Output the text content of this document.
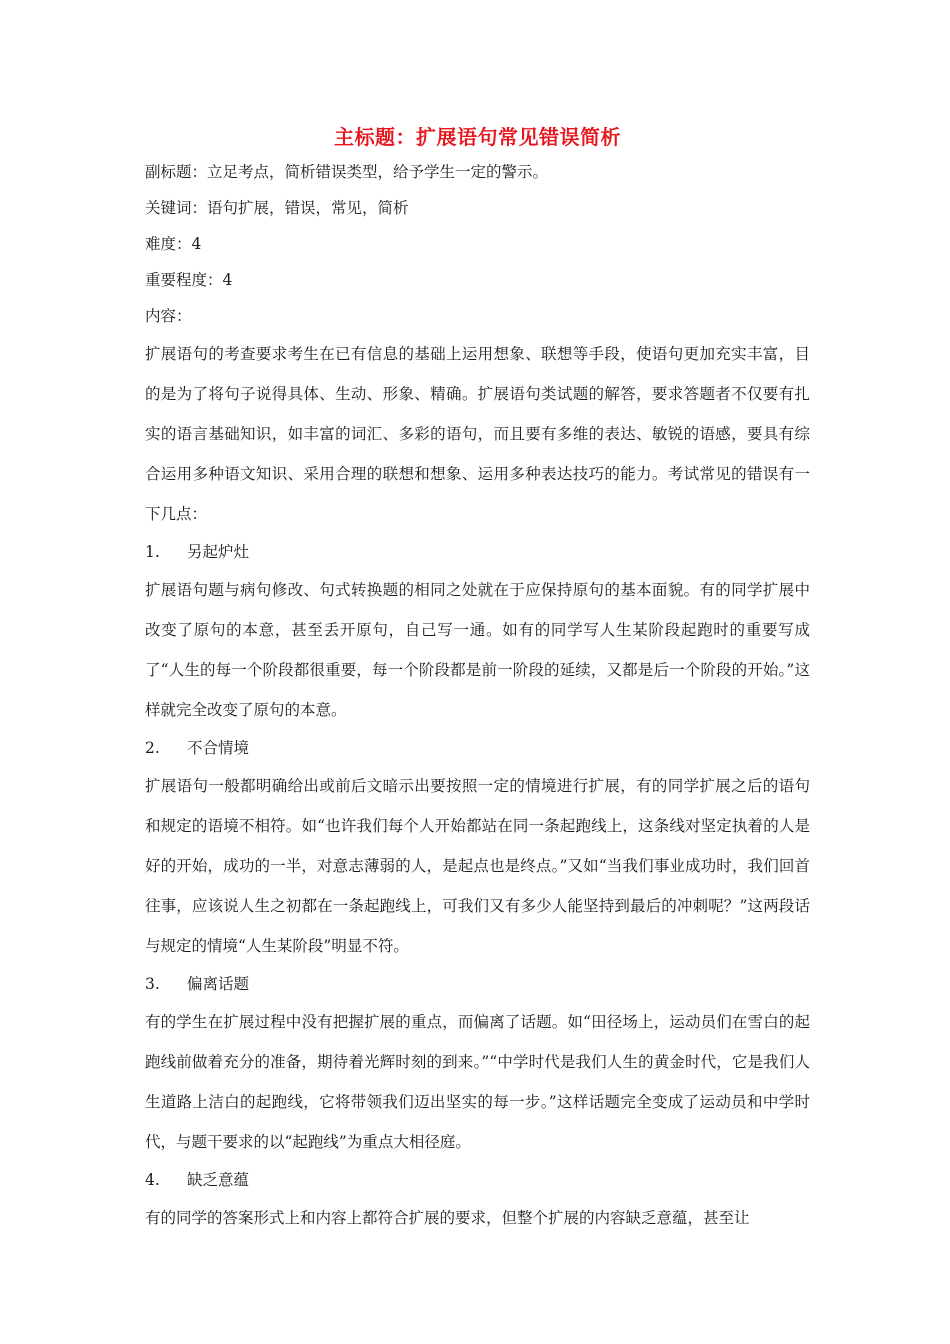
主标题：扩展语句常见错误简析
副标题：立足考点，简析错误类型，给予学生一定的警示。
关键词：语句扩展，错误，常见，简析
难度：4
重要程度：4
内容：

扩展语句的考查要求考生在已有信息的基础上运用想象、联想等手段，使语句更加充实丰富，目的是为了将句子说得具体、生动、形象、精确。扩展语句类试题的解答，要求答题者不仅要有扎实的语言基础知识，如丰富的词汇、多彩的语句，而且要有多维的表达、敏锐的语感，要具有综合运用多种语文知识、采用合理的联想和想象、运用多种表达技巧的能力。考试常见的错误有一下几点：

1. 另起炉灶

扩展语句题与病句修改、句式转换题的相同之处就在于应保持原句的基本面貌。有的同学扩展中改变了原句的本意，甚至丢开原句，自己写一通。如有的同学写人生某阶段起跑时的重要写成了“人生的每一个阶段都很重要，每一个阶段都是前一阶段的延续，又都是后一个阶段的开始。”这样就完全改变了原句的本意。

2. 不合情境

扩展语句一般都明确给出或前后文暗示出要按照一定的情境进行扩展，有的同学扩展之后的语句和规定的语境不相符。如“也许我们每个人开始都站在同一条起跑线上，这条线对坚定执着的人是好的开始，成功的一半，对意志薄弱的人，是起点也是终点。”又如“当我们事业成功时，我们回首往事，应该说人生之初都在一条起跑线上，可我们又有多少人能坚持到最后的冲刺呢？”这两段话与规定的情境“人生某阶段”明显不符。

3. 偏离话题

有的学生在扩展过程中没有把握扩展的重点，而偏离了话题。如“田径场上，运动员们在雪白的起跑线前做着充分的准备，期待着光辉时刻的到来。”“中学时代是我们人生的黄金时代，它是我们人生道路上洁白的起跑线，它将带领我们迈出坚实的每一步。”这样话题完全变成了运动员和中学时代，与题干要求的以“起跑线”为重点大相径庭。

4. 缺乏意蕴

有的同学的答案形式上和内容上都符合扩展的要求，但整个扩展的内容缺乏意蕴，甚至让
